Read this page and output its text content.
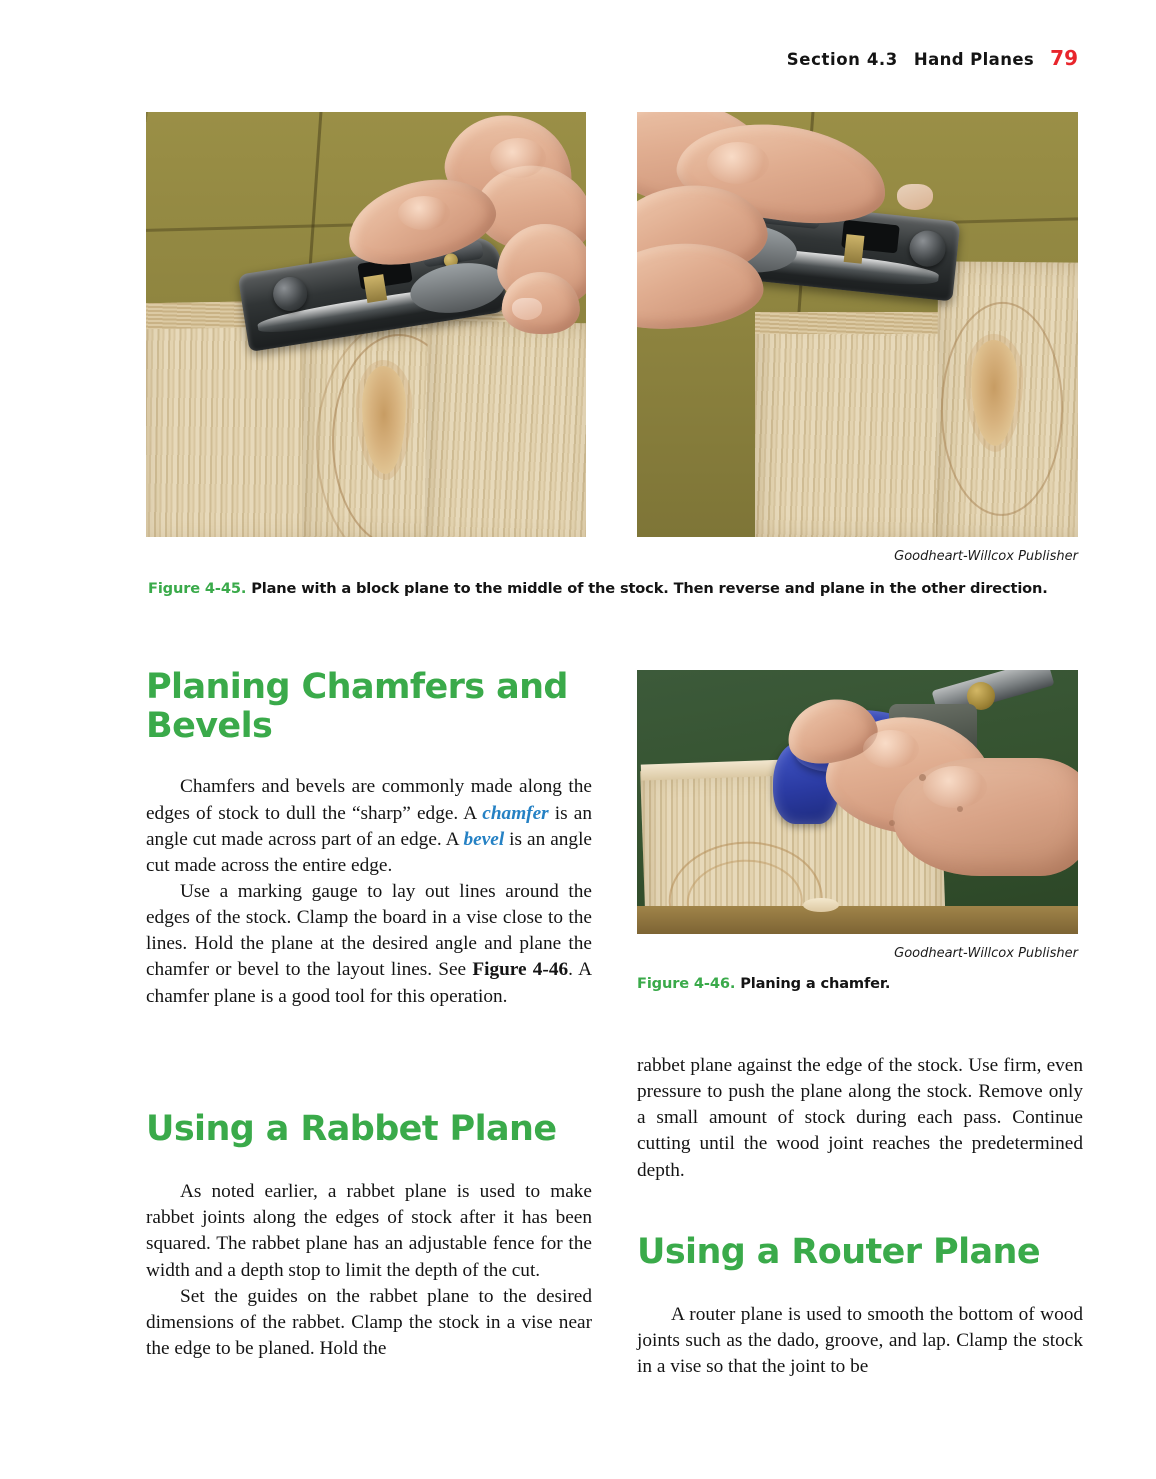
Section 4.3 Hand Planes 79
Goodheart-Willcox Publisher
Figure 4-45. Plane with a block plane to the middle of the stock. Then reverse and plane in the other direction.
Planing Chamfers and Bevels

Chamfers and bevels are commonly made along the edges of stock to dull the “sharp” edge. A chamfer is an angle cut made across part of an edge. A bevel is an angle cut made across the entire edge.

Use a marking gauge to lay out lines around the edges of the stock. Clamp the board in a vise close to the lines. Hold the plane at the desired angle and plane the chamfer or bevel to the layout lines. See Figure 4-46. A chamfer plane is a good tool for this operation.

Using a Rabbet Plane

As noted earlier, a rabbet plane is used to make rabbet joints along the edges of stock after it has been squared. The rabbet plane has an adjustable fence for the width and a depth stop to limit the depth of the cut.

Set the guides on the rabbet plane to the desired dimensions of the rabbet. Clamp the stock in a vise near the edge to be planed. Hold the

Goodheart-Willcox Publisher
Figure 4-46. Planing a chamfer.

rabbet plane against the edge of the stock. Use firm, even pressure to push the plane along the stock. Remove only a small amount of stock during each pass. Continue cutting until the wood joint reaches the predetermined depth.

Using a Router Plane

A router plane is used to smooth the bottom of wood joints such as the dado, groove, and lap. Clamp the stock in a vise so that the joint to be
